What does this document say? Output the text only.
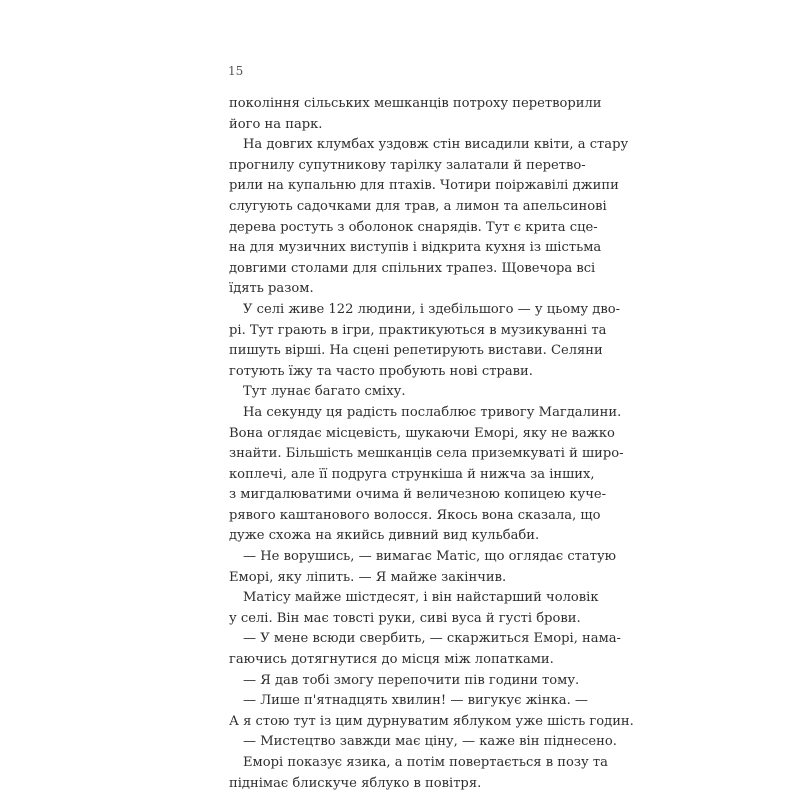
15
покоління сільських мешканців потроху перетворили
його на парк.
На довгих клумбах уздовж стін висадили квіти, а стару
прогнилу супутникову тарілку залатали й перетво-
рили на купальню для птахів. Чотири поіржавілі джипи
слугують садочками для трав, а лимон та апельсинові
дерева ростуть з оболонок снарядів. Тут є крита сце-
на для музичних виступів і відкрита кухня із шістьма
довгими столами для спільних трапез. Щовечора всі
їдять разом.
У селі живе 122 людини, і здебільшого — у цьому дво-
рі. Тут грають в ігри, практикуються в музикуванні та
пишуть вірші. На сцені репетирують вистави. Селяни
готують їжу та часто пробують нові страви.
Тут лунає багато сміху.
На секунду ця радість послаблює тривогу Магдалини.
Вона оглядає місцевість, шукаючи Еморі, яку не важко
знайти. Більшість мешканців села приземкуваті й широ-
коплечі, але її подруга стрункіша й нижча за інших,
з мигдалюватими очима й величезною копицею куче-
рявого каштанового волосся. Якось вона сказала, що
дуже схожа на якийсь дивний вид кульбаби.
— Не ворушись, — вимагає Матіс, що оглядає статую
Еморі, яку ліпить. — Я майже закінчив.
Матісу майже шістдесят, і він найстарший чоловік
у селі. Він має товсті руки, сиві вуса й густі брови.
— У мене всюди свербить, — скаржиться Еморі, нама-
гаючись дотягнутися до місця між лопатками.
— Я дав тобі змогу перепочити пів години тому.
— Лише п'ятнадцять хвилин! — вигукує жінка. —
А я стою тут із цим дурнуватим яблуком уже шість годин.
— Мистецтво завжди має ціну, — каже він піднесено.
Еморі показує язика, а потім повертається в позу та
піднімає блискуче яблуко в повітря.
